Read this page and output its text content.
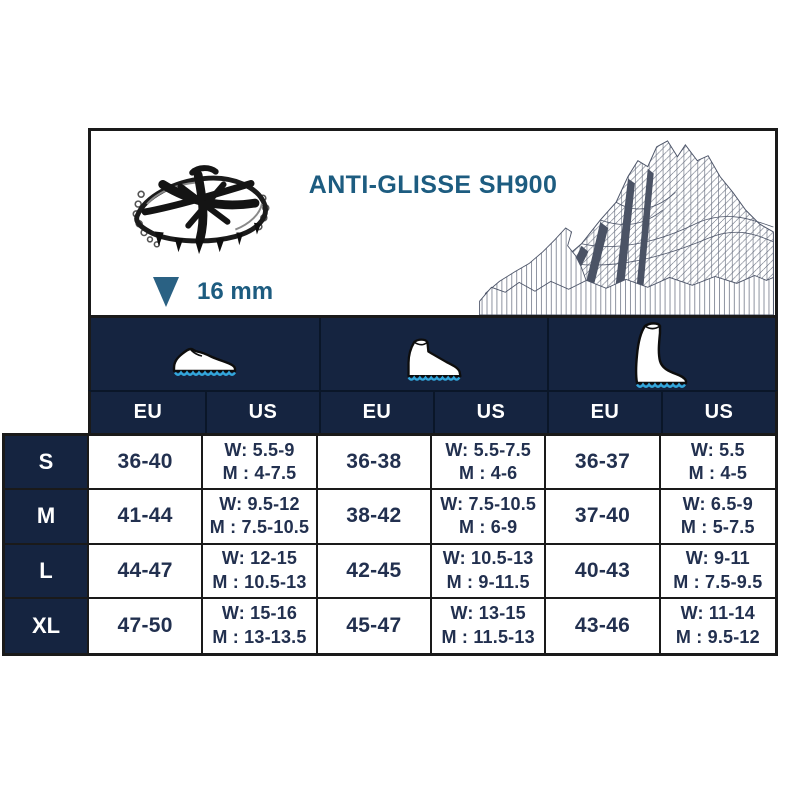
ANTI-GLISSE SH900
16 mm
EU	US	EU	US	EU	US
S	36-40
W: 5.5-9
M : 4-7.5	36-38
W: 5.5-7.5
M : 4-6	36-37
W: 5.5
M : 4-5
M	41-44
W: 9.5-12
M : 7.5-10.5	38-42
W: 7.5-10.5
M : 6-9	37-40
W: 6.5-9
M : 5-7.5
L	44-47
W: 12-15
M : 10.5-13	42-45
W: 10.5-13
M : 9-11.5	40-43
W: 9-11
M : 7.5-9.5
XL	47-50
W: 15-16
M : 13-13.5	45-47
W: 13-15
M : 11.5-13	43-46
W: 11-14
M : 9.5-12
